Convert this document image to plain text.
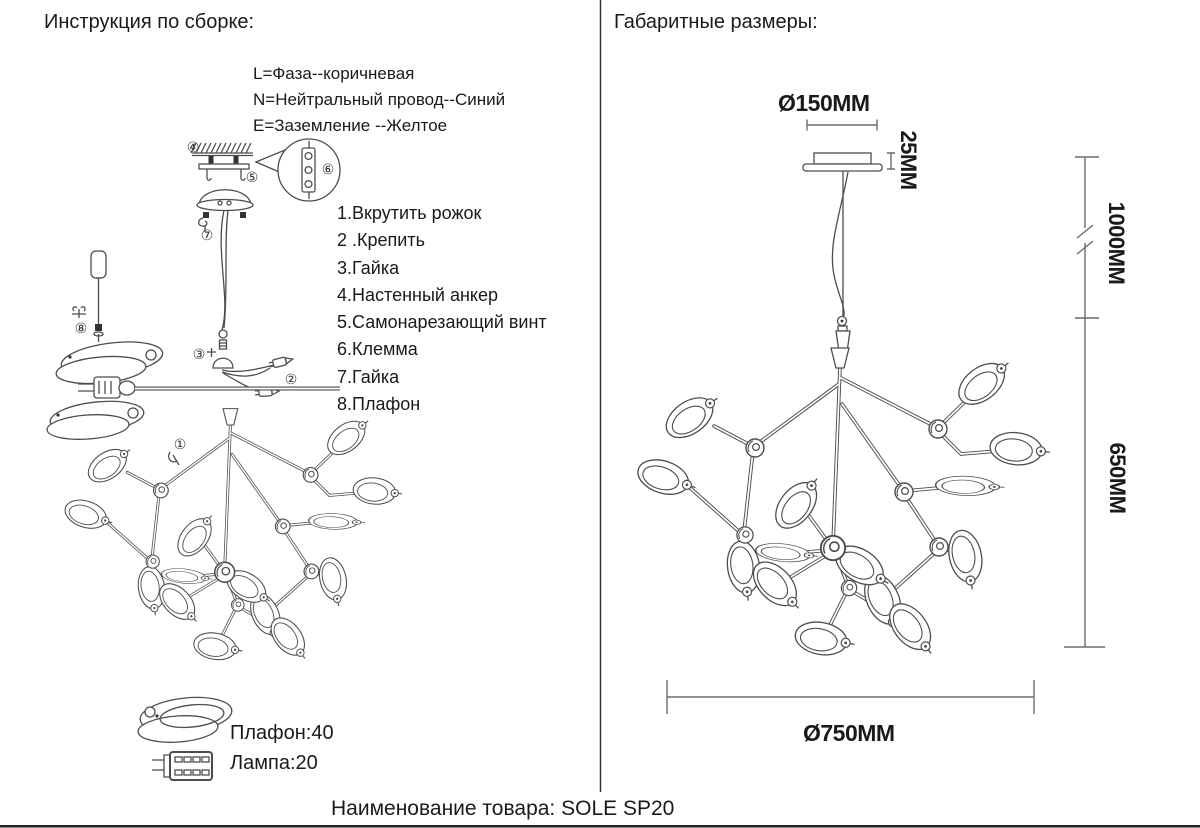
Инструкция по сборке:	Габаритные размеры:
L=Фаза--коричневая
N=Нейтральный провод--Синий
E=Заземление --Желтое
1.Вкрутить рожок
2 .Крепить
3.Гайка
4.Настенный анкер
5.Самонарезающий винт
6.Клемма
7.Гайка
8.Плафон
①
②
③
④
⑤	⑥
⑦
⑧
Плафон:40
Лампа:20
Ø150MM
25MM
1000MM
650MM
Ø750MM
Наименование товара: SOLE SP20
